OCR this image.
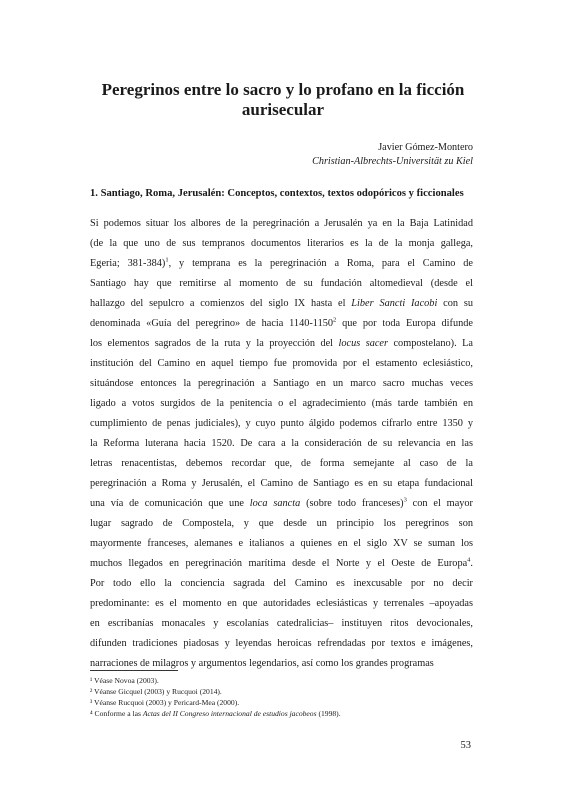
Peregrinos entre lo sacro y lo profano en la ficción aurisecular
Javier Gómez-Montero
Christian-Albrechts-Universität zu Kiel
1. Santiago, Roma, Jerusalén: Conceptos, contextos, textos odopóricos y ficcionales
Si podemos situar los albores de la peregrinación a Jerusalén ya en la Baja Latinidad
(de la que uno de sus tempranos documentos literarios es la de la monja gallega,
Egeria; 381-384)$^1$, y temprana es la peregrinación a Roma, para el Camino de
Santiago hay que remitirse al momento de su fundación altomedieval (desde el
hallazgo del sepulcro a comienzos del siglo IX hasta el Liber Sancti Iacobi con su
denominada «Guía del peregrino» de hacia 1140-1150$^2$ que por toda Europa difunde
los elementos sagrados de la ruta y la proyección del locus sacer compostelano). La
institución del Camino en aquel tiempo fue promovida por el estamento eclesiástico,
situándose entonces la peregrinación a Santiago en un marco sacro muchas veces
ligado a votos surgidos de la penitencia o el agradecimiento (más tarde también en
cumplimiento de penas judiciales), y cuyo punto álgido podemos cifrarlo entre 1350 y
la Reforma luterana hacia 1520. De cara a la consideración de su relevancia en las
letras renacentistas, debemos recordar que, de forma semejante al caso de la
peregrinación a Roma y Jerusalén, el Camino de Santiago es en su etapa fundacional
una vía de comunicación que une loca sancta (sobre todo franceses)$^3$ con el mayor
lugar sagrado de Compostela, y que desde un principio los peregrinos son
mayormente franceses, alemanes e italianos a quienes en el siglo XV se suman los
muchos llegados en peregrinación marítima desde el Norte y el Oeste de Europa$^4$.
Por todo ello la conciencia sagrada del Camino es inexcusable por no decir
predominante: es el momento en que autoridades eclesiásticas y terrenales –apoyadas
en escribanías monacales y escolanías catedralicias– instituyen ritos devocionales,
difunden tradiciones piadosas y leyendas heroicas refrendadas por textos e imágenes,
narraciones de milagros y argumentos legendarios, así como los grandes programas
¹ Véase Novoa (2003).
² Véanse Gicquel (2003) y Rucquoi (2014).
³ Véanse Rucquoi (2003) y Pericard-Mea (2000).
⁴ Conforme a las Actas del II Congreso internacional de estudios jacobeos (1998).
53
